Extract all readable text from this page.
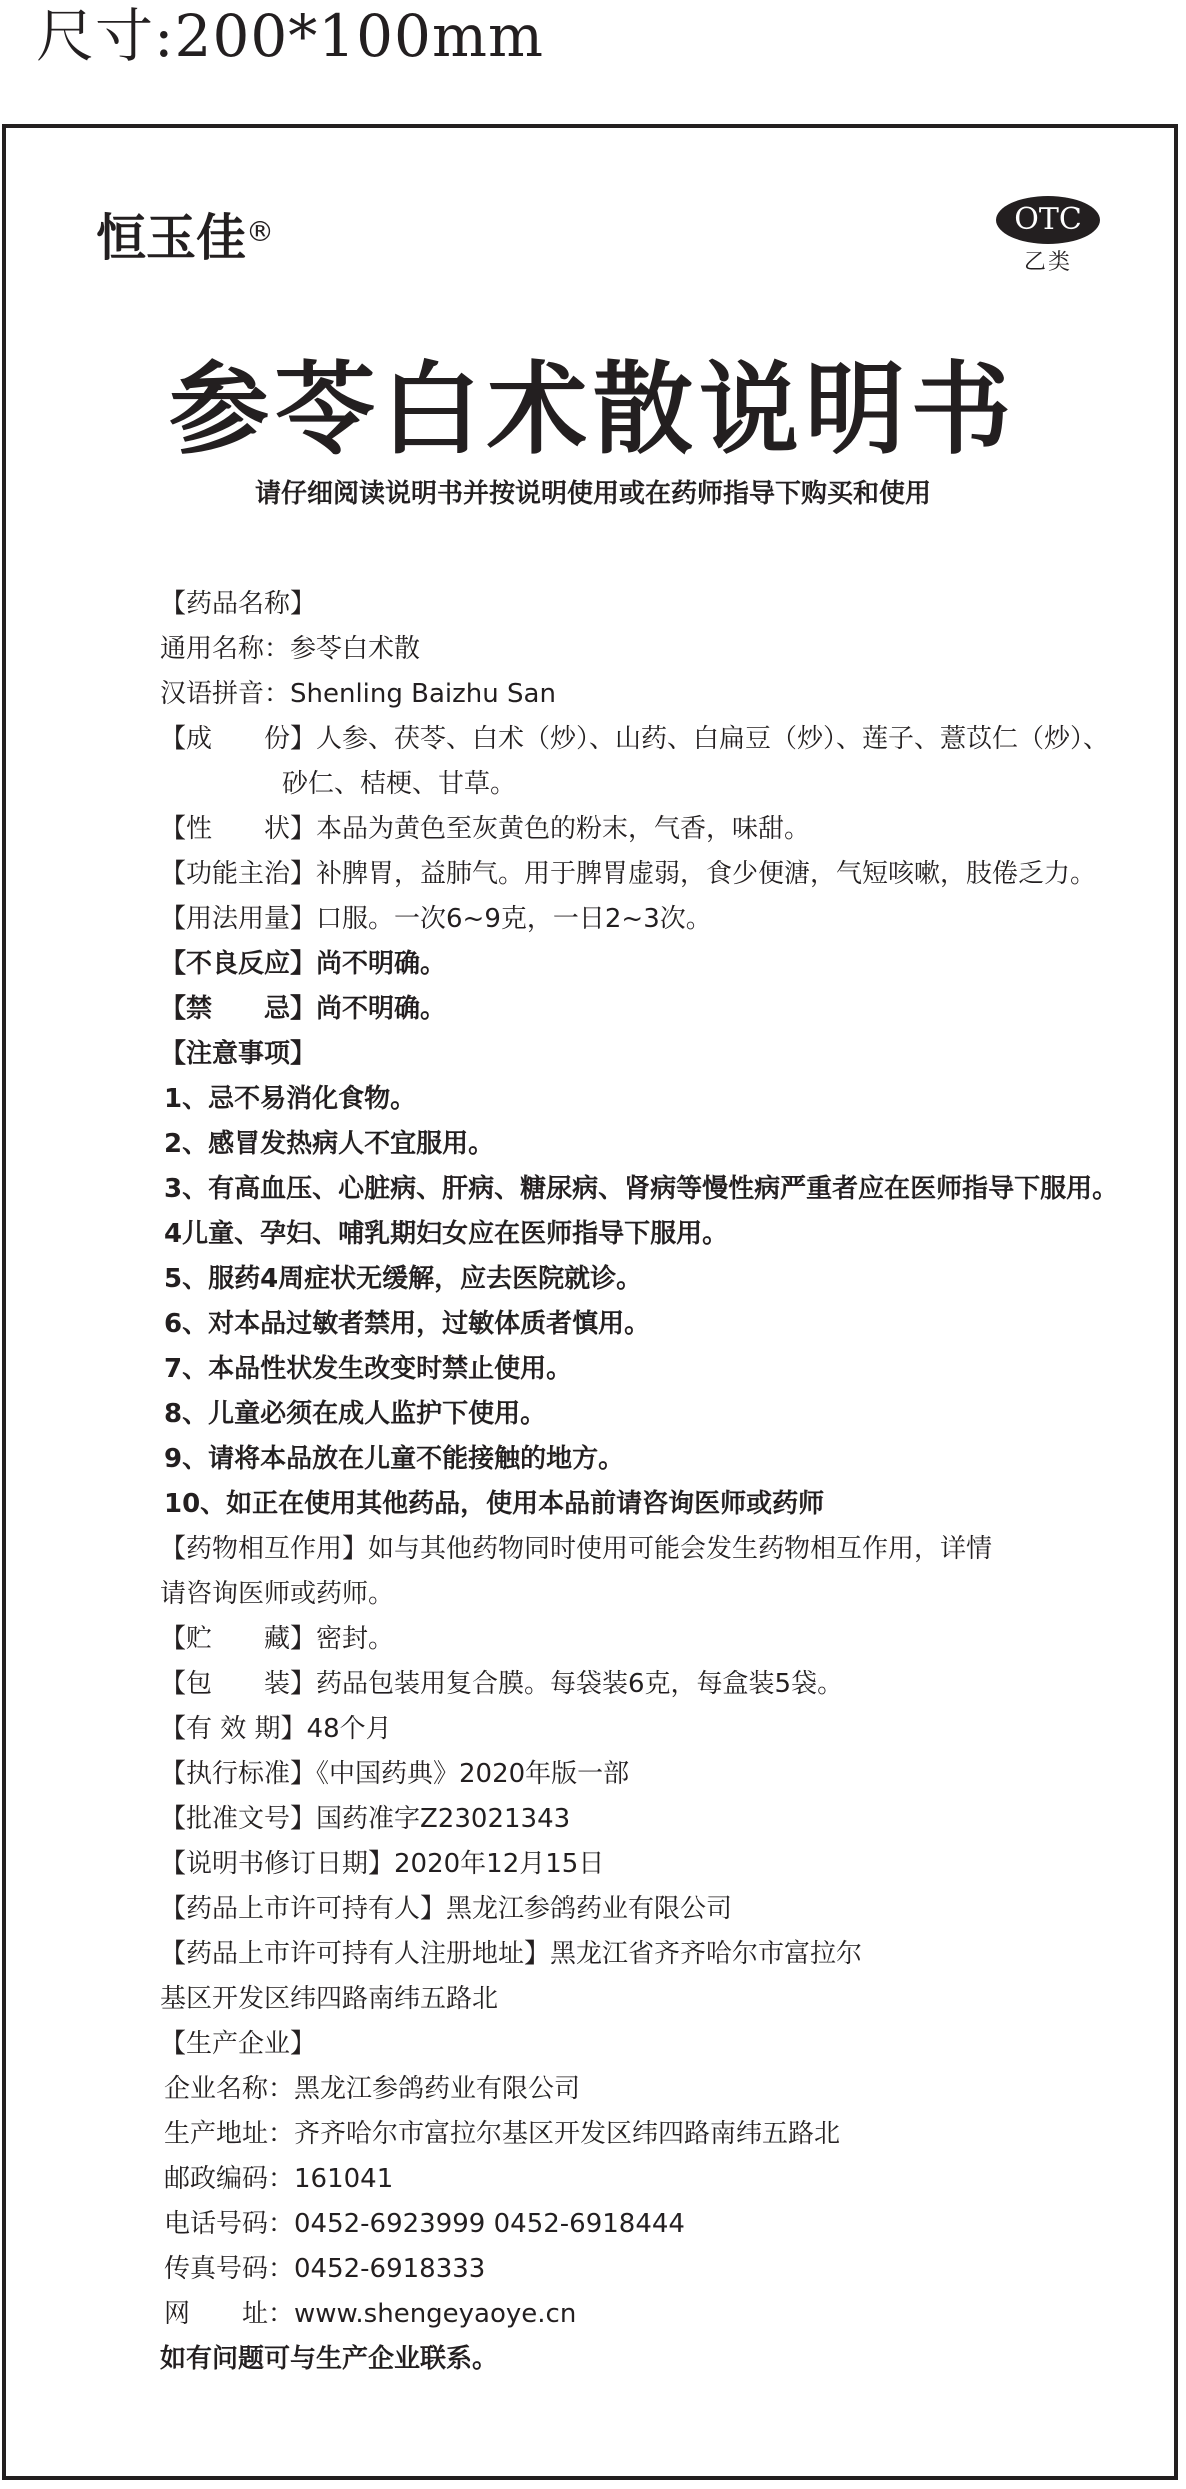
尺寸:200*100mm
恒玉佳®	OTC
乙类
参苓白术散说明书
请仔细阅读说明书并按说明使用或在药师指导下购买和使用
【药品名称】
通用名称：参苓白术散
汉语拼音：Shenling Baizhu San
【成　　份】人参、茯苓、白术（炒）、山药、白扁豆（炒）、莲子、薏苡仁（炒）、
砂仁、桔梗、甘草。
【性　　状】本品为黄色至灰黄色的粉末，气香，味甜。
【功能主治】补脾胃，益肺气。用于脾胃虚弱，食少便溏，气短咳嗽，肢倦乏力。
【用法用量】口服。一次6~9克，一日2~3次。
【不良反应】尚不明确。
【禁　　忌】尚不明确。
【注意事项】
1、忌不易消化食物。
2、感冒发热病人不宜服用。
3、有高血压、心脏病、肝病、糖尿病、肾病等慢性病严重者应在医师指导下服用。
4儿童、孕妇、哺乳期妇女应在医师指导下服用。
5、服药4周症状无缓解，应去医院就诊。
6、对本品过敏者禁用，过敏体质者慎用。
7、本品性状发生改变时禁止使用。
8、儿童必须在成人监护下使用。
9、请将本品放在儿童不能接触的地方。
10、如正在使用其他药品，使用本品前请咨询医师或药师
【药物相互作用】如与其他药物同时使用可能会发生药物相互作用，详情
请咨询医师或药师。
【贮　　藏】密封。
【包　　装】药品包装用复合膜。每袋装6克，每盒装5袋。
【有 效 期】48个月
【执行标准】《中国药典》2020年版一部
【批准文号】国药准字Z23021343
【说明书修订日期】2020年12月15日
【药品上市许可持有人】黑龙江参鸽药业有限公司
【药品上市许可持有人注册地址】黑龙江省齐齐哈尔市富拉尔
基区开发区纬四路南纬五路北
【生产企业】
企业名称：黑龙江参鸽药业有限公司
生产地址：齐齐哈尔市富拉尔基区开发区纬四路南纬五路北
邮政编码：161041
电话号码：0452-6923999 0452-6918444
传真号码：0452-6918333
网　　址：www.shengeyaoye.cn
如有问题可与生产企业联系。
